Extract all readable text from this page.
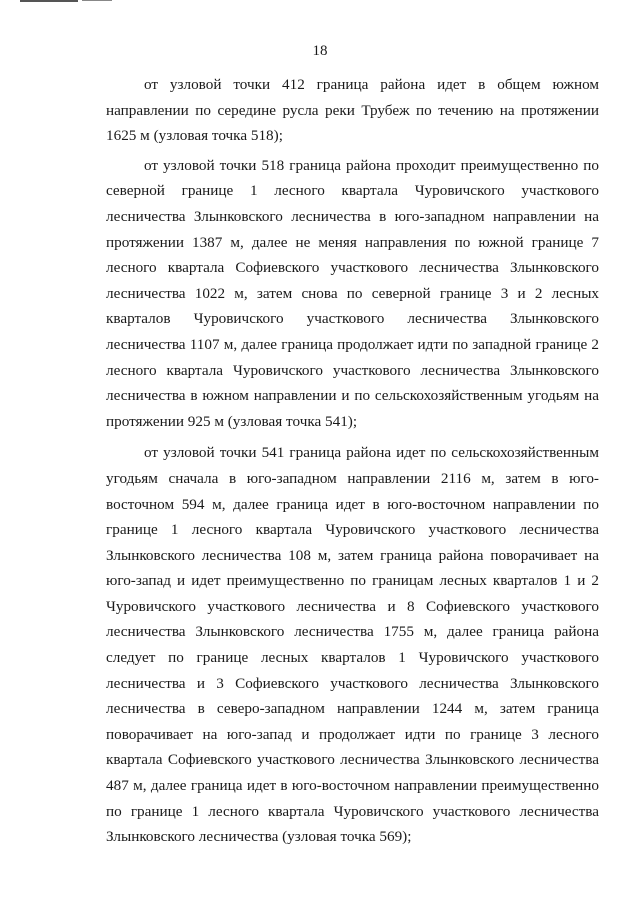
18

от узловой точки 412 граница района идет в общем южном направлении по середине русла реки Трубеж по течению на протяжении 1625 м (узловая точка 518);

от узловой точки 518 граница района проходит преимущественно по северной границе 1 лесного квартала Чуровичского участкового лесничества Злынковского лесничества в юго-западном направлении на протяжении 1387 м, далее не меняя направления по южной границе 7 лесного квартала Софиевского участкового лесничества Злынковского лесничества 1022 м, затем снова по северной границе 3 и 2 лесных кварталов Чуровичского участкового лесничества Злынковского лесничества 1107 м, далее граница продолжает идти по западной границе 2 лесного квартала Чуровичского участкового лесничества Злынковского лесничества в южном направлении и по сельскохозяйственным угодьям на протяжении 925 м (узловая точка 541);

от узловой точки 541 граница района идет по сельскохозяйственным угодьям сначала в юго-западном направлении 2116 м, затем в юго-восточном 594 м, далее граница идет в юго-восточном направлении по границе 1 лесного квартала Чуровичского участкового лесничества Злынковского лесничества 108 м, затем граница района поворачивает на юго-запад и идет преимущественно по границам лесных кварталов 1 и 2 Чуровичского участкового лесничества и 8 Софиевского участкового лесничества Злынковского лесничества 1755 м, далее граница района следует по границе лесных кварталов 1 Чуровичского участкового лесничества и 3 Софиевского участкового лесничества Злынковского лесничества в северо-западном направлении 1244 м, затем граница поворачивает на юго-запад и продолжает идти по границе 3 лесного квартала Софиевского участкового лесничества Злынковского лесничества 487 м, далее граница идет в юго-восточном направлении преимущественно по границе 1 лесного квартала Чуровичского участкового лесничества Злынковского лесничества (узловая точка 569);
